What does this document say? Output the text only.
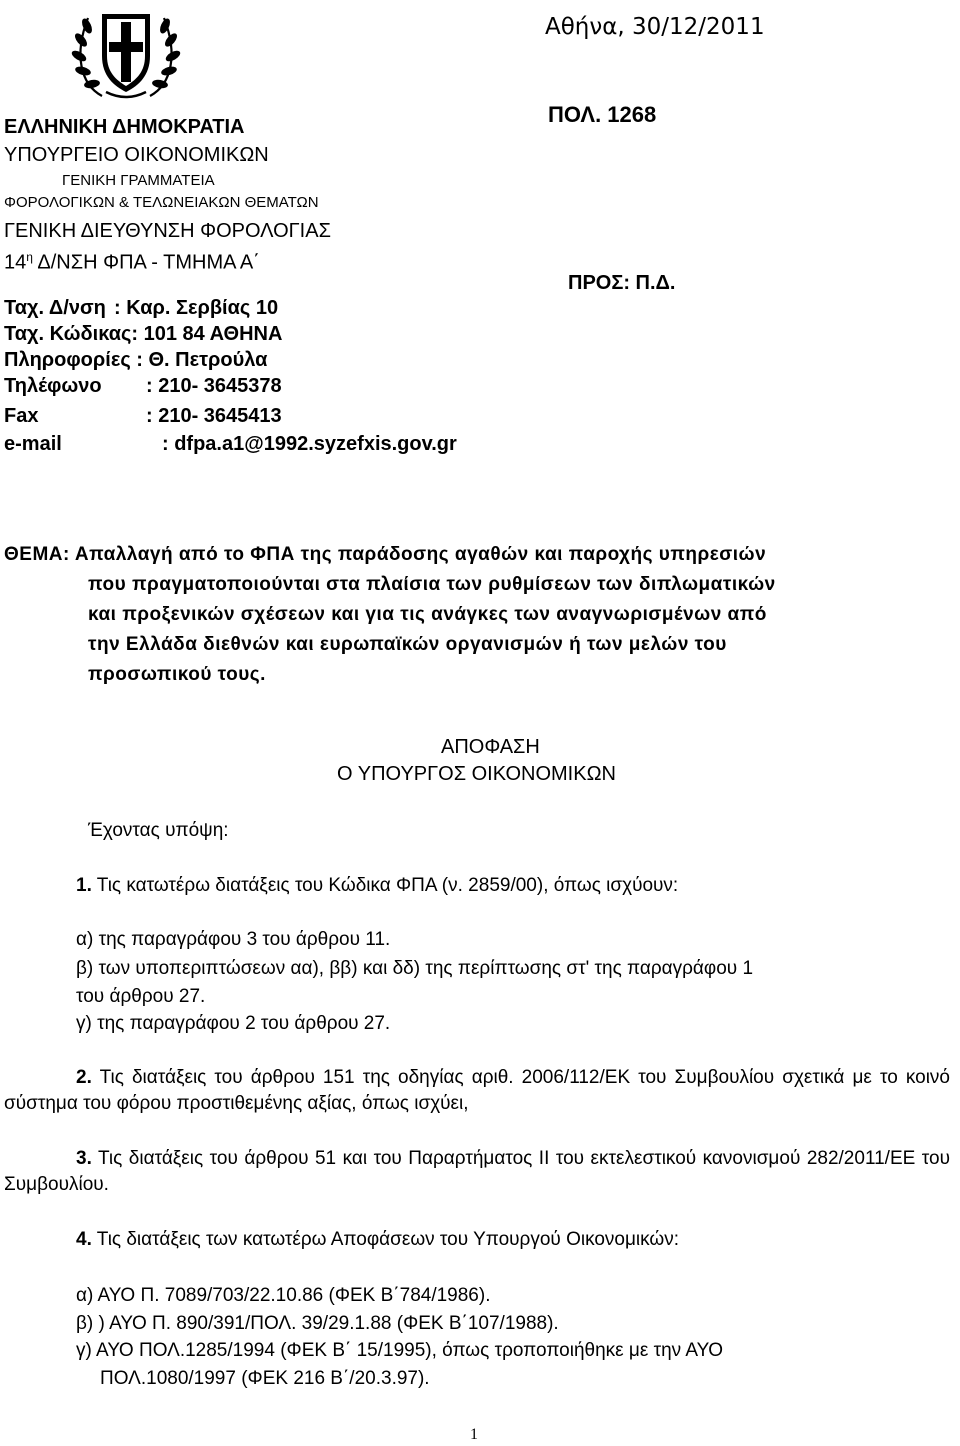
Αθήνα, 30/12/2011
ΠΟΛ. 1268
ΠΡΟΣ: Π.Δ.
ΕΛΛΗΝΙΚΗ ΔΗΜΟΚΡΑΤΙΑ
ΥΠΟΥΡΓΕΙΟ ΟΙΚΟΝΟΜΙΚΩΝ
ΓΕΝΙΚΗ ΓΡΑΜΜΑΤΕΙΑ
ΦΟΡΟΛΟΓΙΚΩΝ & ΤΕΛΩΝΕΙΑΚΩΝ ΘΕΜΑΤΩΝ
ΓΕΝΙΚΗ ΔΙΕΥΘΥΝΣΗ ΦΟΡΟΛΟΓΙΑΣ
$14^\eta$ Δ/ΝΣΗ ΦΠΑ - ΤΜΗΜΑ Α΄
Ταχ. Δ/νση : Καρ. Σερβίας 10
Ταχ. Κώδικας: 101 84 ΑΘΗΝΑ
Πληροφορίες : Θ. Πετρούλα
Τηλέφωνο : 210- 3645378
Fax	: 210- 3645413
e-mail	: dfpa.a1@1992.syzefxis.gov.gr
ΘΕΜΑ: Απαλλαγή από το ΦΠΑ της παράδοσης αγαθών και παροχής υπηρεσιών
που πραγματοποιούνται στα πλαίσια των ρυθμίσεων των διπλωματικών
και προξενικών σχέσεων και για τις ανάγκες των αναγνωρισμένων από
την Ελλάδα διεθνών και ευρωπαϊκών οργανισμών ή των μελών του
προσωπικού τους.
ΑΠΟΦΑΣΗ
Ο ΥΠΟΥΡΓΟΣ ΟΙΚΟΝΟΜΙΚΩΝ
Έχοντας υπόψη:
1. Τις κατωτέρω διατάξεις του Κώδικα ΦΠΑ (ν. 2859/00), όπως ισχύουν:
α) της παραγράφου 3 του άρθρου 11.
β) των υποπεριπτώσεων αα), ββ) και δδ) της περίπτωσης στ' της παραγράφου 1
του άρθρου 27.
γ) της παραγράφου 2 του άρθρου 27.
2. Τις διατάξεις του άρθρου 151 της οδηγίας αριθ. 2006/112/ΕΚ του Συμβουλίου σχετικά με το κοινό σύστημα του φόρου προστιθεμένης αξίας, όπως ισχύει,
3. Τις διατάξεις του άρθρου 51 και του Παραρτήματος ΙΙ του εκτελεστικού κανονισμού 282/2011/ΕΕ του Συμβουλίου.
4. Τις διατάξεις των κατωτέρω Αποφάσεων του Υπουργού Οικονομικών:
α) ΑΥΟ Π. 7089/703/22.10.86 (ΦΕΚ Β΄784/1986).
β) ) ΑΥΟ Π. 890/391/ΠΟΛ. 39/29.1.88 (ΦΕΚ Β΄107/1988).
γ) ΑΥΟ ΠΟΛ.1285/1994 (ΦΕΚ Β΄ 15/1995), όπως τροποποιήθηκε με την ΑΥΟ
ΠΟΛ.1080/1997 (ΦΕΚ 216 Β΄/20.3.97).
1
